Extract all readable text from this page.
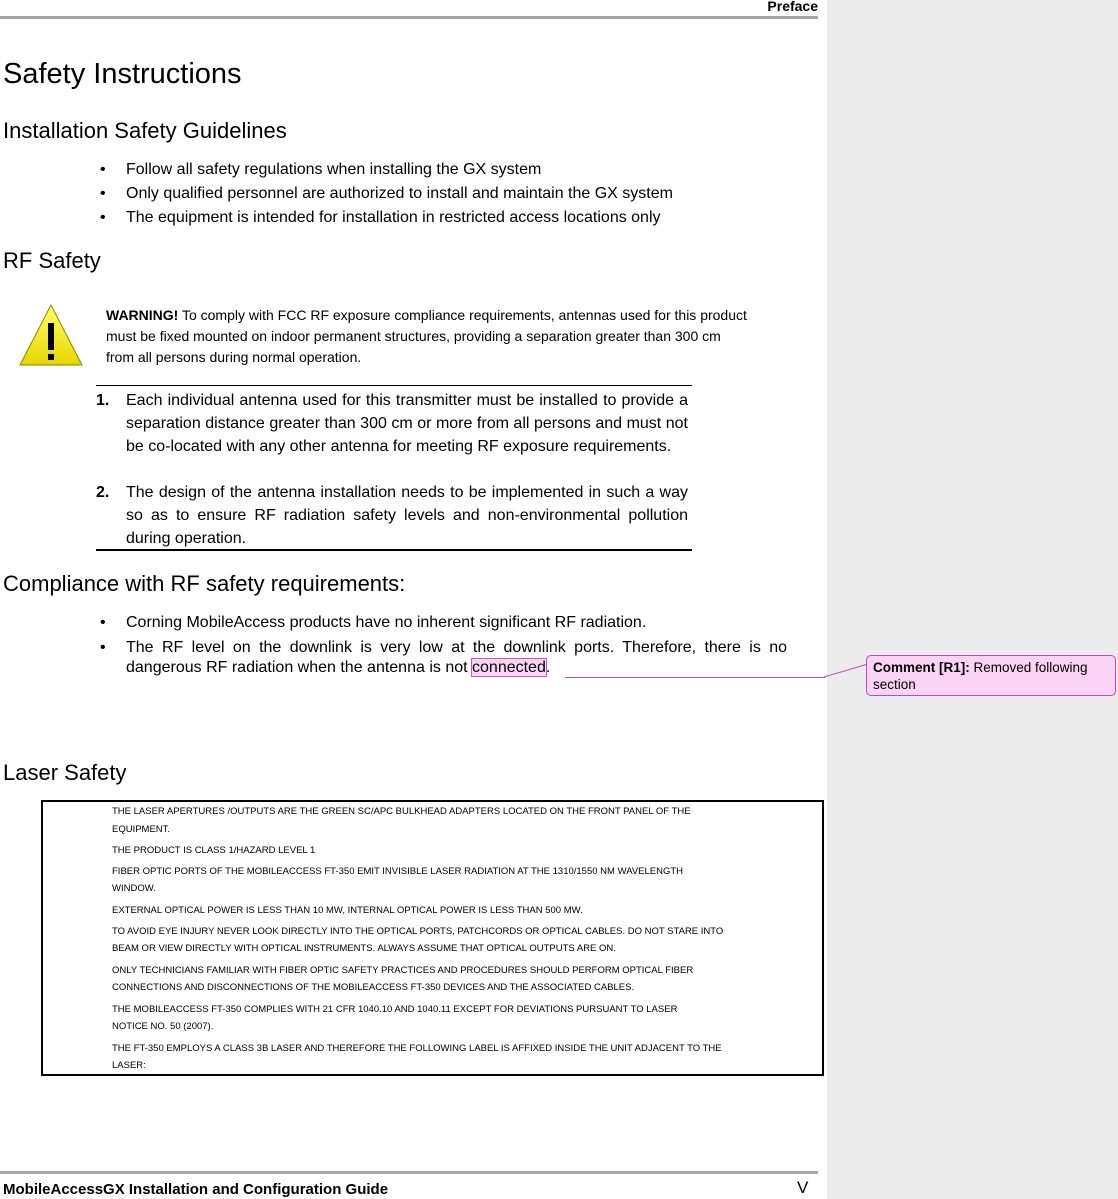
Preface
Safety Instructions
Installation Safety Guidelines
• Follow all safety regulations when installing the GX system
• Only qualified personnel are authorized to install and maintain the GX system
• The equipment is intended for installation in restricted access locations only
RF Safety
WARNING! To comply with FCC RF exposure compliance requirements, antennas used for this product
must be fixed mounted on indoor permanent structures, providing a separation greater than 300 cm
from all persons during normal operation.
1. Each individual antenna used for this transmitter must be installed to provide a separation distance greater than 300 cm or more from all persons and must not be co-located with any other antenna for meeting RF exposure requirements.
2. The design of the antenna installation needs to be implemented in such a way so as to ensure RF radiation safety levels and non-environmental pollution during operation.
Compliance with RF safety requirements:
• Corning MobileAccess products have no inherent significant RF radiation.
• The RF level on the downlink is very low at the downlink ports. Therefore, there is no dangerous RF radiation when the antenna is not connected.	Comment [R1]: Removed following section
Laser Safety
THE LASER APERTURES /OUTPUTS ARE THE GREEN SC/APC BULKHEAD ADAPTERS LOCATED ON THE FRONT PANEL OF THE
EQUIPMENT.
THE PRODUCT IS CLASS 1/HAZARD LEVEL 1
FIBER OPTIC PORTS OF THE MOBILEACCESS FT-350 EMIT INVISIBLE LASER RADIATION AT THE 1310/1550 NM WAVELENGTH
WINDOW.
EXTERNAL OPTICAL POWER IS LESS THAN 10 MW, INTERNAL OPTICAL POWER IS LESS THAN 500 MW.
TO AVOID EYE INJURY NEVER LOOK DIRECTLY INTO THE OPTICAL PORTS, PATCHCORDS OR OPTICAL CABLES. DO NOT STARE INTO
BEAM OR VIEW DIRECTLY WITH OPTICAL INSTRUMENTS. ALWAYS ASSUME THAT OPTICAL OUTPUTS ARE ON.
ONLY TECHNICIANS FAMILIAR WITH FIBER OPTIC SAFETY PRACTICES AND PROCEDURES SHOULD PERFORM OPTICAL FIBER
CONNECTIONS AND DISCONNECTIONS OF THE MOBILEACCESS FT-350 DEVICES AND THE ASSOCIATED CABLES.
THE MOBILEACCESS FT-350 COMPLIES WITH 21 CFR 1040.10 AND 1040.11 EXCEPT FOR DEVIATIONS PURSUANT TO LASER
NOTICE NO. 50 (2007).
THE FT-350 EMPLOYS A CLASS 3B LASER AND THEREFORE THE FOLLOWING LABEL IS AFFIXED INSIDE THE UNIT ADJACENT TO THE
LASER:
MobileAccessGX Installation and Configuration Guide	V
